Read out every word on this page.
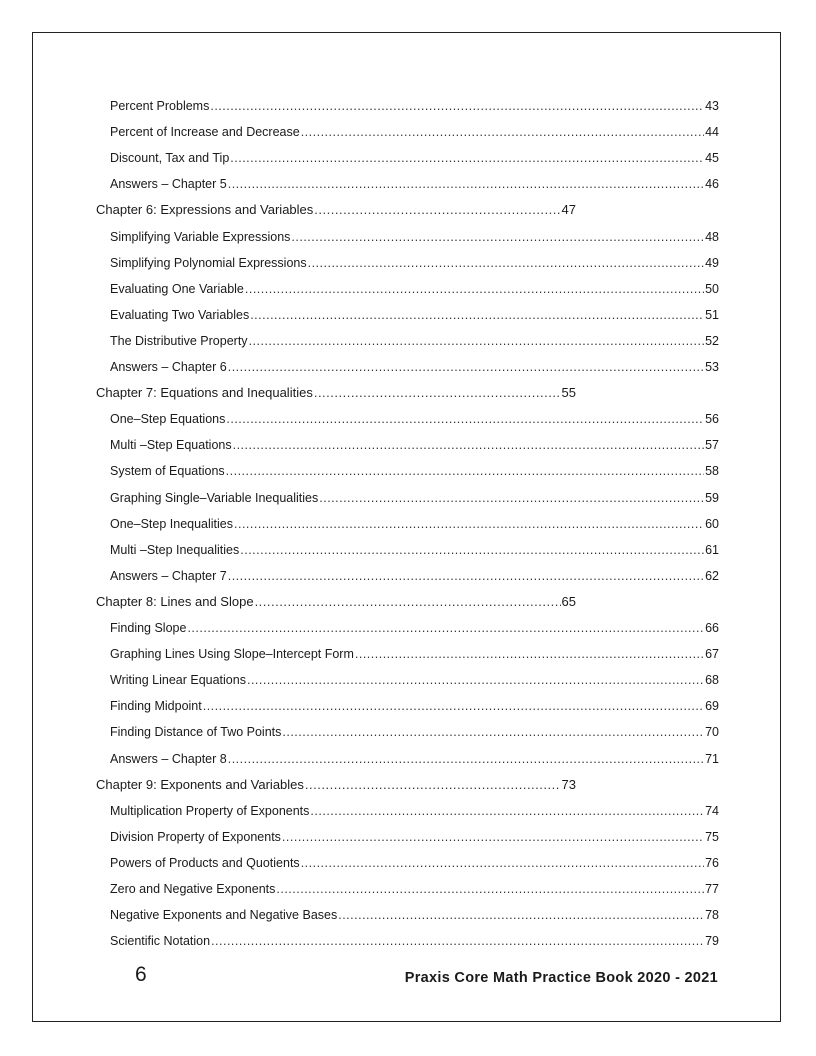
Percent Problems .....	43
Percent of Increase and Decrease .....	44
Discount, Tax and Tip .....	45
Answers – Chapter 5 .....	46
Chapter 6: Expressions and Variables .....	47
Simplifying Variable Expressions .....	48
Simplifying Polynomial Expressions .....	49
Evaluating One Variable .....	50
Evaluating Two Variables .....	51
The Distributive Property .....	52
Answers – Chapter 6 .....	53
Chapter 7: Equations and Inequalities .....	55
One–Step Equations .....	56
Multi –Step Equations .....	57
System of Equations .....	58
Graphing Single–Variable Inequalities .....	59
One–Step Inequalities .....	60
Multi –Step Inequalities .....	61
Answers – Chapter 7 .....	62
Chapter 8: Lines and Slope .....	65
Finding Slope .....	66
Graphing Lines Using Slope–Intercept Form .....	67
Writing Linear Equations .....	68
Finding Midpoint .....	69
Finding Distance of Two Points .....	70
Answers – Chapter 8 .....	71
Chapter 9: Exponents and Variables .....	73
Multiplication Property of Exponents .....	74
Division Property of Exponents .....	75
Powers of Products and Quotients .....	76
Zero and Negative Exponents .....	77
Negative Exponents and Negative Bases .....	78
Scientific Notation .....	79
6	Praxis Core Math Practice Book 2020 - 2021
